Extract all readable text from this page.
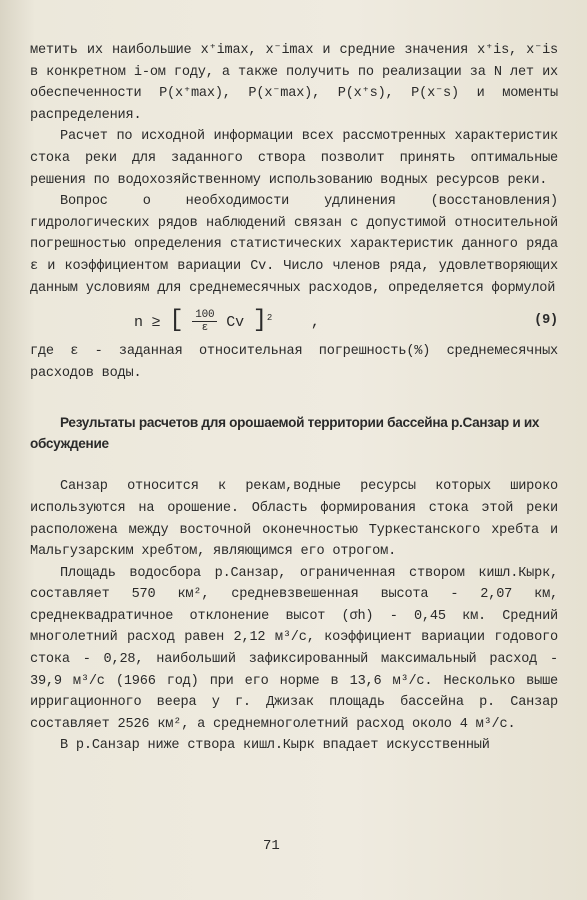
метить их наибольшие x⁺imax, x⁻imax и средние значения x⁺is, x⁻is в конкретном i-ом году, а также получить по реализации за N лет их обеспеченности P(x⁺max), P(x⁻max), P(x⁺s), P(x⁻s) и моменты распределения.

Расчет по исходной информации всех рассмотренных характеристик стока реки для заданного створа позволит принять оптимальные решения по водохозяйственному использованию водных ресурсов реки.

Вопрос о необходимости удлинения (восстановления) гидрологических рядов наблюдений связан с допустимой относительной погрешностью определения статистических характеристик данного ряда ε и коэффициентом вариации Cv. Число членов ряда, удовлетворяющих данным условиям для среднемесячных расходов, определяется формулой

n ≥ [ $\frac{100}{\varepsilon}$ Cv ]$^2$	,	(9)

где ε - заданная относительная погрешность(%) среднемесячных расходов воды.

Результаты расчетов для орошаемой территории бассейна р.Санзар и их обсуждение

Санзар относится к рекам,водные ресурсы которых широко используются на орошение. Область формирования стока этой реки расположена между восточной оконечностью Туркестанского хребта и Мальгузарским хребтом, являющимся его отрогом.

Площадь водосбора р.Санзар, ограниченная створом кишл.Кырк, составляет 570 км², средневзвешенная высота - 2,07 км, среднеквадратичное отклонение высот (σh) - 0,45 км. Средний многолетний расход равен 2,12 м³/с, коэффициент вариации годового стока - 0,28, наибольший зафиксированный максимальный расход - 39,9 м³/с (1966 год) при его норме в 13,6 м³/с. Несколько выше ирригационного веера у г. Джизак площадь бассейна р. Санзар составляет 2526 км², а среднемноголетний расход около 4 м³/с.

В р.Санзар ниже створа кишл.Кырк впадает искусственный

71
